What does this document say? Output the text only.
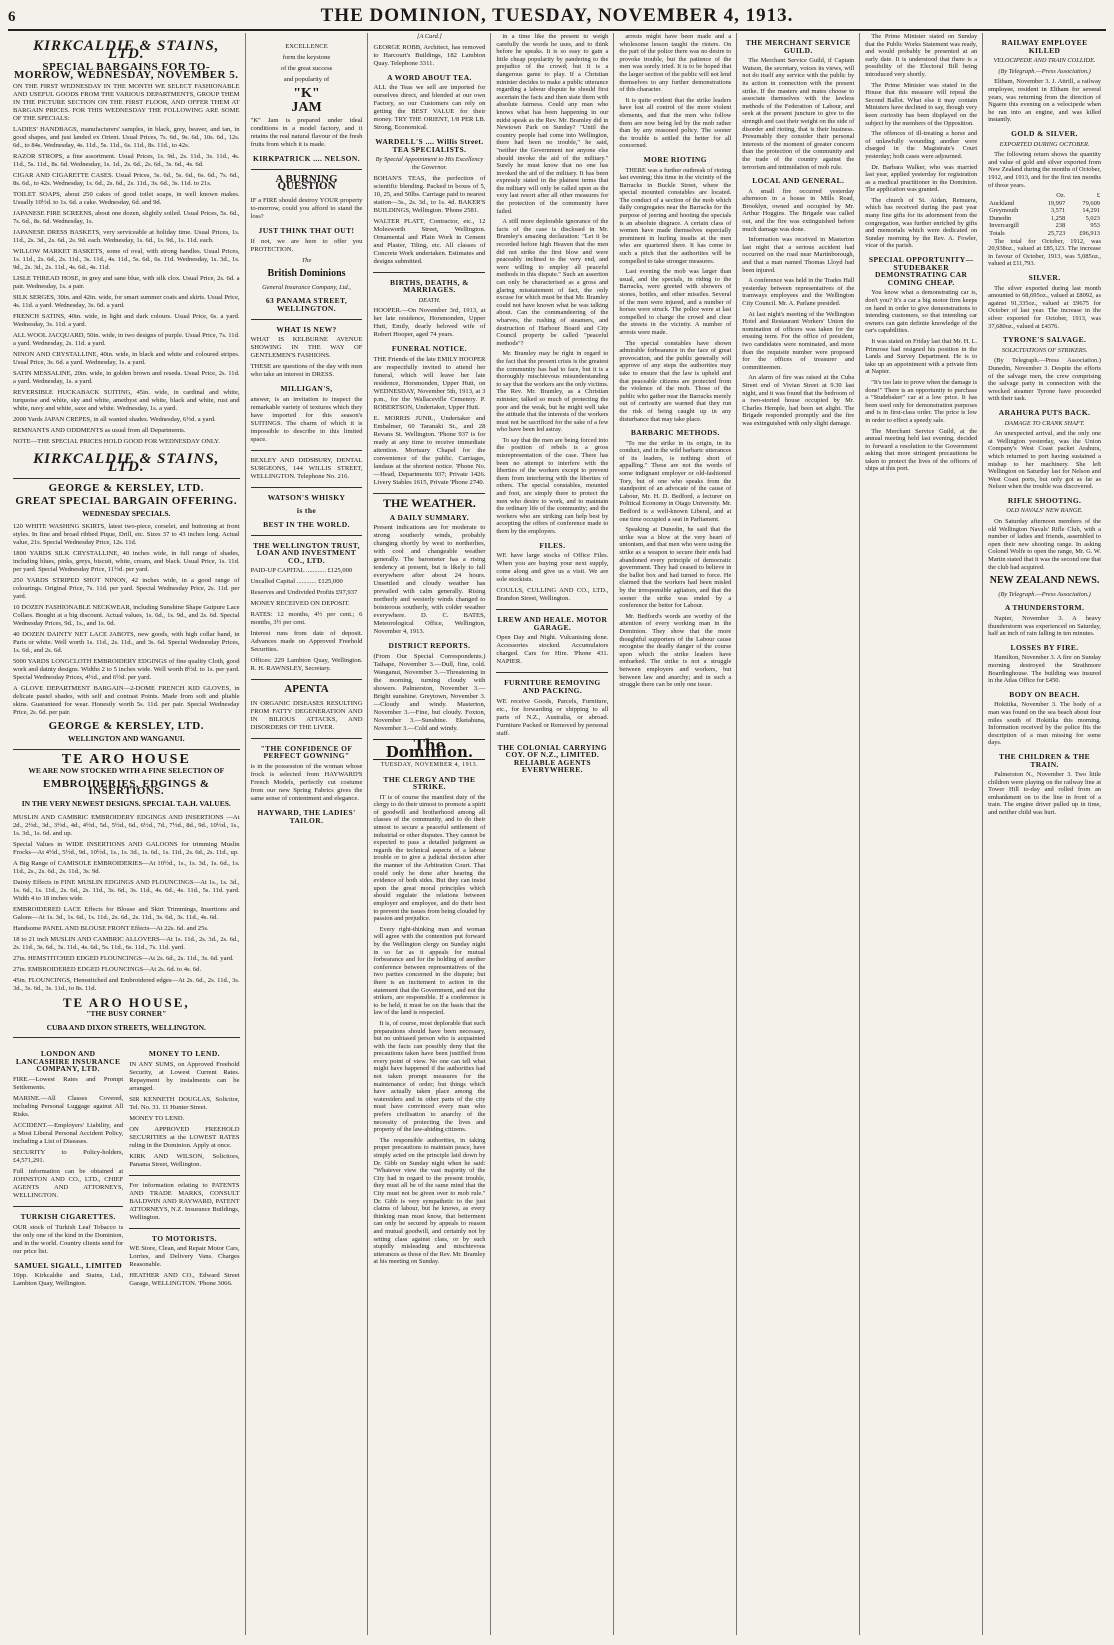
6	THE DOMINION, TUESDAY, NOVEMBER 4, 1913.
KIRKCALDIE & STAINS, LTD.
SPECIAL BARGAINS FOR TO-MORROW, WEDNESDAY, NOVEMBER 5.
ON THE FIRST WEDNESDAY IN THE MONTH WE SELECT FASHIONABLE AND USEFUL GOODS FROM THE VARIOUS DEPARTMENTS, GROUP THEM IN THE PICTURE SECTION ON THE FIRST FLOOR, AND OFFER THEM AT BARGAIN PRICES. FOR THIS WEDNESDAY THE FOLLOWING ARE SOME OF THE SPECIALS:
LADIES' HANDBAGS, manufacturers' samples, in black, grey, beaver, and tan, in good shapes, and just landed ex Orient. Usual Prices, 7s. 6d., 9s. 6d., 10s. 6d., 12s. 6d., to 84s. Wednesday, 4s. 11d., 5s. 11d., 6s. 11d., 8s. 11d., to 42s.
RAZOR STROPS, a fine assortment. Usual Prices, 1s. 9d., 2s. 11d., 3s. 11d., 4s. 11d., 5s. 11d., 8s. 6d. Wednesday, 1s. 1d., 2s. 6d., 2s. 6d., 3s. 6d., 4s. 6d.
CIGAR AND CIGARETTE CASES. Usual Prices, 3s. 6d., 5s. 6d., 6s. 6d., 7s. 6d., 8s. 6d., to 42s. Wednesday, 1s. 6d., 2s. 6d., 2s. 11d., 3s. 6d., 3s. 11d. to 21s.
TOILET SOAPS, about 250 cakes of good toilet soaps, in well known makes. Usually 10½d. to 1s. 6d. a cake. Wednesday, 6d. and 9d.
JAPANESE FIRE SCREENS, about one dozen, slightly soiled. Usual Prices, 5s. 6d., 7s. 6d., 8s. 6d. Wednesday, 1s.
JAPANESE DRESS BASKETS, very serviceable at holiday time. Usual Prices, 1s. 11d., 2s. 3d., 2s. 6d., 2s. 9d. each. Wednesday, 1s. 6d., 1s. 9d., 1s. 11d. each.
WILLOW MARKET BASKETS, some of oval, with strong handles. Usual Prices, 1s. 11d., 2s. 6d., 2s. 11d., 3s. 11d., 4s. 11d., 5s. 6d., 6s. 11d. Wednesday, 1s. 3d., 1s. 9d., 2s. 3d., 2s. 11d., 4s. 6d., 4s. 11d.
LISLE THREAD HOSE, in grey and sane blue, with silk clox. Usual Price, 2s. 6d. a pair. Wednesday, 1s. a pair.
SILK SERGES, 30in. and 42in. wide, for smart summer coats and skirts. Usual Price, 4s. 11d. a yard. Wednesday, 3s. 6d. a yard.
FRENCH SATINS, 40in. wide, in light and dark colours. Usual Price, 6s. a yard. Wednesday, 3s. 11d. a yard.
ALL WOOL JACQUARD, 50in. wide, in two designs of purple. Usual Price, 7s. 11d. a yard. Wednesday, 2s. 11d. a yard.
NINON AND CRYSTALLINE, 40in. wide, in black and white and coloured stripes. Usual Price, 3s. 6d. a yard. Wednesday, 1s. a yard.
SATIN MESSALINE, 20in. wide, in golden brown and reseda. Usual Price, 2s. 11d. a yard. Wednesday, 1s. a yard.
REVERSIBLE HUCKABACK SUITING, 45in. wide, in cardinal and white, turquoise and white, sky and white, amethyst and white, black and white, rust and white, navy and white, saxe and white. Wednesday, 1s. a yard.
2000 Yards JAPAN CREPES, in all wanted shades. Wednesday, 6½d. a yard.
REMNANTS AND ODDMENTS as usual from all Departments.
NOTE—THE SPECIAL PRICES HOLD GOOD FOR WEDNESDAY ONLY.
KIRKCALDIE & STAINS, LTD.
GEORGE & KERSLEY, LTD.
GREAT SPECIAL BARGAIN OFFERING.
WEDNESDAY SPECIALS.
120 WHITE WASHING SKIRTS, latest two-piece, corselet, and buttoning at front styles. In fine and broad ribbed Pique, Drill, etc. Sizes 37 to 43 inches long. Actual value, 21s. Special Wednesday Price, 12s. 11d.
1800 YARDS SILK CRYSTALLINE, 40 inches wide, in full range of shades, including blues, pinks, greys, biscuit, white, cream, and black. Usual Price, 1s. 11d. per yard. Special Wednesday Price, 11½d. per yard.
250 YARDS STRIPED SHOT NINON, 42 inches wide, in a good range of colourings. Original Price, 7s. 11d. per yard. Special Wednesday Price, 2s. 11d. per yard.
10 DOZEN FASHIONABLE NECKWEAR, including Sunshine Shape Guipure Lace Collars. Bought at a big discount. Actual values, 1s. 6d., 1s. 9d., and 2s. 6d. Special Wednesday Prices, 9d., 1s., and 1s. 6d.
40 DOZEN DAINTY NET LACE JABOTS, new goods, with high collar band, in Paris or white. Well worth 1s. 11d., 2s. 11d., and 3s. 6d. Special Wednesday Prices, 1s. 6d., and 2s. 6d.
5000 YARDS LONGCLOTH EMBROIDERY EDGINGS of fine quality Cloth, good work and dainty designs. Widths 2 to 5 inches wide. Well worth 8½d. to 1s. per yard. Special Wednesday Prices, 4½d., and 6½d. per yard.
A GLOVE DEPARTMENT BARGAIN—2-DOME FRENCH KID GLOVES, in delicate pastel shades, with self and contrast Points. Made from soft and pliable skins. Guaranteed for wear. Honestly worth 5s. 11d. per pair. Special Wednesday Price, 2s. 6d. per pair.
GEORGE & KERSLEY, LTD.
WELLINGTON AND WANGANUI.
TE ARO HOUSE
WE ARE NOW STOCKED WITH A FINE SELECTION OF
EMBROIDERIES, EDGINGS & INSERTIONS.
IN THE VERY NEWEST DESIGNS. SPECIAL T.A.H. VALUES.
MUSLIN AND CAMBRIC EMBROIDERY EDGINGS AND INSERTIONS —At 2d., 2½d., 3d., 3½d., 4d., 4½d., 5d., 5½d., 6d., 6½d., 7d., 7½d., 8d., 9d., 10½d., 1s., 1s. 3d., 1s. 6d. and up.
Special Values in WIDE INSERTIONS AND GALOONS for trimming Muslin Frocks—At 4½d., 5½d., 9d., 10½d., 1s., 1s. 3d., 1s. 6d., 1s. 11d., 2s. 6d., 2s. 11d., up.
A Big Range of CAMISOLE EMBROIDERIES—At 10½d., 1s., 1s. 3d., 1s. 6d., 1s. 11d., 2s., 2s. 6d., 2s. 11d., 3s. 9d.
Dainty Effects in FINE MUSLIN EDGINGS AND FLOUNCINGS—At 1s., 1s. 3d., 1s. 6d., 1s. 11d., 2s. 6d., 2s. 11d., 3s. 6d., 3s. 11d., 4s. 6d., 4s. 11d., 5s. 11d. yard. Width 4 to 18 inches wide.
EMBROIDERED LACE Effects for Blouse and Skirt Trimmings, Insertions and Galons—At 1s. 3d., 1s. 6d., 1s. 11d., 2s. 6d., 2s. 11d., 3s. 6d., 3s. 11d., 4s. 6d.
Handsome PANEL AND BLOUSE FRONT Effects—At 22s. 6d. and 25s.
18 to 21 inch MUSLIN AND CAMBRIC ALLOVERS—At 1s. 11d., 2s. 3d., 2s. 6d., 2s. 11d., 3s. 6d., 3s. 11d., 4s. 6d., 5s. 11d., 6s. 11d., 7s. 11d. yard.
27in. HEMSTITCHED EDGED FLOUNCINGS—At 2s. 6d., 2s. 11d., 3s. 6d. yard.
27in. EMBROIDERED EDGED FLOUNCINGS—At 2s. 6d. to 4s. 6d.
45in. FLOUNCINGS, Hemstitched and Embroidered edges—At 2s. 6d., 2s. 11d., 3s. 3d., 3s. 6d., 3s. 11d., to 8s. 11d.
TE ARO HOUSE,
"THE BUSY CORNER"
CUBA AND DIXON STREETS, WELLINGTON.
LONDON AND LANCASHIRE INSURANCE COMPANY, LTD.
FIRE.—Lowest Rates and Prompt Settlements.
MARINE.—All Classes Covered, including Personal Luggage against All Risks.
ACCIDENT.—Employers' Liability, and a Most Liberal Personal Accident Policy, including a List of Diseases.
SECURITY to Policy-holders, £4,571,291.
Full information can be obtained at JOHNSTON AND CO., LTD., CHIEF AGENTS AND ATTORNEYS, WELLINGTON.
TURKISH CIGARETTES.
OUR stock of Turkish Leaf Tobacco is the only one of the kind in the Dominion, and in the world. Country clients send for our price list.
SAMUEL SIGALL, LIMITED
10pp. Kirkcaldie and Stains, Ltd., Lambton Quay, Wellington.
MONEY TO LEND.
IN ANY SUMS, on Approved Freehold Security, at Lowest Current Rates. Repayment by instalments can be arranged.
SIR KENNETH DOUGLAS, Solicitor, Tel. No. 31. 11 Hunter Street.
MONEY TO LEND.
ON APPROVED FREEHOLD SECURITIES at the LOWEST RATES ruling in the Dominion. Apply at once.
KIRK AND WILSON, Solicitors, Panama Street, Wellington.
For information relating to PATENTS AND TRADE MARKS, CONSULT BALDWIN AND RAYWARD, PATENT ATTORNEYS, N.Z. Insurance Buildings, Wellington.
TO MOTORISTS.
WE Store, Clean, and Repair Motor Cars, Lorries, and Delivery Vans. Charges Reasonable.
HEATHER AND CO., Edward Street Garage, WELLINGTON. 'Phone 3066.
EXCELLENCE
form the keystone
of the great success
and popularity of
"K"
JAM
"K" Jam is prepared under ideal conditions in a model factory, and it retains the real natural flavour of the fresh fruits from which it is made.
KIRKPATRICK .... NELSON.
A BURNING QUESTION
IF a FIRE should destroy YOUR property to-morrow, could you afford to stand the loss?
JUST THINK THAT OUT!
If not, we are here to offer you PROTECTION.
The
British Dominions
General Insurance Company, Ltd.,
63 PANAMA STREET, WELLINGTON.
WHAT IS NEW?
WHAT IS KELBURNE AVENUE SHOWING IN THE WAY OF GENTLEMEN'S FASHIONS.
THESE are questions of the day with men who take an interest in DRESS.
MILLIGAN'S,
answer, is an invitation to inspect the remarkable variety of textures which they have imported for this season's SUITINGS. The charm of which it is impossible to describe in this limited space.
BEXLEY AND DIDSBURY, DENTAL SURGEONS, 144 WILLIS STREET, WELLINGTON. Telephone No. 216.
WATSON'S WHISKY
is the
BEST IN THE WORLD.
THE WELLINGTON TRUST, LOAN AND INVESTMENT CO., LTD.
PAID-UP CAPITAL ............ £125,000
Uncalled Capital ............ £125,000
Reserves and Undivided Profits £97,937
MONEY RECEIVED ON DEPOSIT.
RATES: 12 months, 4½ per cent.; 6 months, 3½ per cent.
Interest runs from date of deposit. Advances made on Approved Freehold Securities.
Offices: 229 Lambton Quay, Wellington. R. H. RAWNSLEY, Secretary.
APENTA
IN ORGANIC DISEASES RESULTING FROM FATTY DEGENERATION AND IN BILIOUS ATTACKS, AND DISORDERS OF THE LIVER.
"THE CONFIDENCE OF PERFECT GOWNING"
is in the possession of the woman whose frock is selected from HAYWARD'S French Models, perfectly cut costume from our new Spring Fabrics gives the same sense of contentment and elegance.
HAYWARD, THE LADIES' TAILOR.
[A Card.]
GEORGE ROBB, Architect, has removed to Harcourt's Buildings, 182 Lambton Quay. Telephone 3311.
A WORD ABOUT TEA.
ALL the Teas we sell are imported for ourselves direct, and blended at our own Factory, so our Customers can rely on getting the BEST VALUE for their money. TRY THE ORIENT, 1/8 PER LB. Strong, Economical.
WARDELL'S .... Willis Street. TEA SPECIALISTS.
By Special Appointment to His Excellency the Governor.
BOHAN'S TEAS, the perfection of scientific blending. Packed in boxes of 5, 10, 25, and 50lbs. Carriage paid to nearest station—3s., 2s. 3d., to 1s. 4d. BAKER'S BUILDINGS, Wellington. 'Phone 2581.
WALTER PLATT, Contractor, etc., 12 Molesworth Street, Wellington. Ornamental and Plain Work in Cement and Plaster, Tiling, etc. All classes of Concrete Work undertaken. Estimates and designs submitted.
BIRTHS, DEATHS, & MARRIAGES.
DEATH.
HOOPER.—On November 3rd, 1913, at her late residence, Horsmonden, Upper Hutt, Emily, dearly beloved wife of Robert Hooper, aged 74 years.
FUNERAL NOTICE.
THE Friends of the late EMILY HOOPER are respectfully invited to attend her funeral, which will leave her late residence, Horsmonden, Upper Hutt, on WEDNESDAY, November 5th, 1913, at 3 p.m., for the Wallaceville Cemetery. P. ROBERTSON, Undertaker, Upper Hutt.
E. MORRIS JUNR., Undertaker and Embalmer, 60 Taranaki St., and 28 Revans St. Wellington. 'Phone 937 is for ready at any time to receive immediate attention. Mortuary Chapel for the convenience of the public. Carriages, landaus at the shortest notice. 'Phone No.—Head, Departments 937; Private 1426. Livery Stables 1615, Private 'Phone 2740.
THE WEATHER.
A DAILY SUMMARY.
Present indications are for moderate to strong southerly winds, probably changing shortly by west to northerlies, with cool and changeable weather generally. The barometer has a rising tendency at present, but is likely to fall everywhere after about 24 hours. Unsettled and cloudy weather has prevailed with calm generally. Rising northerly and westerly winds changed to boisterous southerly, with colder weather everywhere. D. C. BATES, Meteorological Office, Wellington, November 4, 1913.
DISTRICT REPORTS.
(From Our Special Correspondents.) Taihape, November 3.—Dull, fine, cold. Wanganui, November 3.—Threatening in the morning, turning cloudy with showers. Palmerston, November 3.—Bright sunshine. Greytown, November 3.—Cloudy and windy. Masterton, November 3.—Fine, but cloudy. Foxton, November 3.—Sunshine. Eketahuna, November 3.—Cold and windy.
The Dominion.
TUESDAY, NOVEMBER 4, 1913.
THE CLERGY AND THE STRIKE.

IT is of course the manifest duty of the clergy to do their utmost to promote a spirit of goodwill and brotherhood among all classes of the community, and to do their utmost to secure a peaceful settlement of industrial or other disputes. They cannot be expected to pass a detailed judgment as regards the technical aspects of a labour trouble or to give a judicial decision after the manner of the Arbitration Court. That could only be done after hearing the evidence of both sides. But they can insist upon the great moral principles which should regulate the relations between employer and employee, and do their best to prevent the issues from being clouded by passion and prejudice.

Every right-thinking man and woman will agree with the contention put forward by the Wellington clergy on Sunday night in so far as it appeals for mutual forbearance and for the holding of another conference between representatives of the two parties concerned in the dispute; but there is an incitement to action in the statement that the Government, and not the strikers, are responsible. If a conference is to be held, it must be on the basis that the law of the land is respected.

It is, of course, most deplorable that such preparations should have been necessary, but no unbiased person who is acquainted with the facts can possibly deny that the precautions taken have been justified from every point of view. No one can tell what might have happened if the authorities had not taken prompt measures for the maintenance of order; but things which have actually taken place among the watersiders and in other parts of the city must have convinced every man who prefers civilisation to anarchy of the necessity of protecting the lives and property of the law-abiding citizens.

The responsible authorities, in taking proper precautions to maintain peace, have simply acted on the principle laid down by Dr. Gibb on Sunday night when he said: "Whatever view the vast majority of the City had in regard to the present trouble, they must all be of the same mind that the City must not be given over to mob rule." Dr. Gibb is very sympathetic to the just claims of labour, but he knows, as every thinking man must know, that betterment can only be secured by appeals to reason and mutual goodwill, and certainly not by setting class against class, or by such stupidly misleading and mischievous utterances as those of the Rev. Mr. Bramley at his meeting on Sunday.

in a time like the present to weigh carefully the words he uses, and to think before he speaks. It is so easy to gain a little cheap popularity by pandering to the prejudice of the crowd; but it is a dangerous game to play. If a Christian minister decides to make a public utterance regarding a labour dispute he should first ascertain the facts and then state them with absolute fairness. Could any man who knows what has been happening in our midst speak as the Rev. Mr. Bramley did in Newtown Park on Sunday? "Until the country people had come into Wellington, there had been no trouble," he said, "neither the Government nor anyone else should invoke the aid of the military." Surely he must know that no one has invoked the aid of the military. It has been expressly stated in the plainest terms that the military will only be called upon as the very last resort after all other measures for the protection of the community have failed.

A still more deplorable ignorance of the facts of the case is disclosed in Mr. Bramley's amazing declaration: "Let it be recorded before high Heaven that the men did not strike the first blow and were peaceably inclined to the very end, and were willing to employ all peaceful methods in this dispute." Such an assertion can only be characterised as a gross and glaring misstatement of fact, the only excuse for which must be that Mr. Bramley could not have known what he was talking about. Can the commandeering of the wharves, the rushing of steamers, and destruction of Harbour Board and City Council property be called "peaceful methods"?

Mr. Bramley may be right in regard to the fact that the present crisis is the greatest the community has had to face, but it is a thoroughly mischievous misunderstanding to say that the workers are the only victims. The Rev. Mr. Bramley, as a Christian minister, talked so much of protecting the poor and the weak, but he might well take the attitude that the interests of the workers must not be sacrificed for the sake of a few who have been led astray.

To say that the men are being forced into the position of rebels is a gross misrepresentation of the case. There has been no attempt to interfere with the liberties of the workers except to prevent them from interfering with the liberties of others. The special constables, mounted and foot, are simply there to protect the men who desire to work, and to maintain the ordinary life of the community; and the workers who are striking can help best by accepting the offers of conference made to them by the employers.

FILES.
WE have large stocks of Office Files. When you are buying your next supply, come along and give us a visit. We are sole stockists.
COULLS, CULLING AND CO., LTD., Brandon Street, Wellington.
LREW AND HEALE. MOTOR GARAGE.
Open Day and Night. Vulcanising done. Accessories stocked. Accumulators charged. Cars for Hire. 'Phone 431. NAPIER.
FURNITURE REMOVING AND PACKING.
WE receive Goods, Parcels, Furniture, etc., for forwarding or shipping to all parts of N.Z., Australia, or abroad. Furniture Packed or Removed by personal staff.
THE COLONIAL CARRYING COY. OF N.Z., LIMITED. RELIABLE AGENTS EVERYWHERE.

arrests might have been made and a wholesome lesson taught the rioters. On the part of the police there was no desire to provoke trouble, but the patience of the men was sorely tried. It is to be hoped that the larger section of the public will not lend themselves to any further demonstrations of this character.

It is quite evident that the strike leaders have lost all control of the more violent elements, and that the men who follow them are now being led by the mob rather than by any reasoned policy. The sooner the trouble is settled the better for all concerned.

MORE RIOTING

THERE was a further outbreak of rioting last evening; this time in the vicinity of the Barracks in Buckle Street, where the special mounted constables are located. The conduct of a section of the mob which daily congregates near the Barracks for the purpose of jeering and hooting the specials is an absolute disgrace. A certain class of women have made themselves especially prominent in hurling insults at the men who are quartered there. It has come to such a pitch that the authorities will be compelled to take stronger measures.

Last evening the mob was larger than usual, and the specials, in riding to the Barracks, were greeted with showers of stones, bottles, and other missiles. Several of the men were injured, and a number of horses were struck. The police were at last compelled to charge the crowd and clear the streets in the vicinity. A number of arrests were made.

The special constables have shown admirable forbearance in the face of great provocation, and the public generally will approve of any steps the authorities may take to ensure that the law is upheld and that peaceable citizens are protected from the violence of the mob. Those of the public who gather near the Barracks merely out of curiosity are warned that they run the risk of being caught up in any disturbance that may take place.

BARBARIC METHODS.

"To me the strike in its origin, in its conduct, and in the wild barbaric utterances of its leaders, is nothing short of appalling." These are not the words of some indignant employer or old-fashioned Tory, but of one who speaks from the standpoint of an advocate of the cause of Labour, Mr. H. D. Bedford, a lecturer on Political Economy in Otago University. Mr. Bedford is a well-known Liberal, and at one time occupied a seat in Parliament.

Speaking at Dunedin, he said that the strike was a blow at the very heart of unionism, and that men who were using the strike as a weapon to secure their ends had abandoned every principle of democratic government. They had ceased to believe in the ballot box and had turned to force. He claimed that the workers had been misled by the irresponsible agitators, and that the sooner the strike was ended by a conference the better for Labour.

Mr. Bedford's words are worthy of the attention of every working man in the Dominion. They show that the more thoughtful supporters of the Labour cause recognise the deadly danger of the course upon which the strike leaders have embarked. The strike is not a struggle between employers and workers, but between law and anarchy; and in such a struggle there can be only one issue.

THE MERCHANT SERVICE GUILD.

The Merchant Service Guild, if Captain Watson, the secretary, voices its views, will not do itself any service with the public by its action in connection with the present strike. If the masters and mates choose to associate themselves with the lawless methods of the Federation of Labour, and seek at the present juncture to give to the strength and cast their weight on the side of disorder and rioting, that is their business. Presumably they consider their personal interests of the moment of greater concern than the protection of the community and the trade of the country against the terrorism and intimidation of mob rule.

LOCAL AND GENERAL.

A small fire occurred yesterday afternoon in a house in Mills Road, Brooklyn, owned and occupied by Mr. Arthur Hoggins. The Brigade was called out, and the fire was extinguished before much damage was done.

Information was received in Masterton last night that a serious accident had occurred on the road near Martinborough, and that a man named Thomas Lloyd had been injured.

A conference was held in the Trades Hall yesterday between representatives of the tramways employees and the Wellington City Council. Mr. A. Parlane presided.

At last night's meeting of the Wellington Hotel and Restaurant Workers' Union the nomination of officers was taken for the ensuing term. For the office of president, two candidates were nominated, and more than the requisite number were proposed for the offices of treasurer and committeemen.

An alarm of fire was raised at the Cuba Street end of Vivian Street at 9.30 last night, and it was found that the bedroom of a two-storied house occupied by Mr. Charles Hemple, had been set alight. The Brigade responded promptly and the fire was extinguished with only slight damage.

The Prime Minister stated on Sunday that the Public Works Statement was ready, and would probably be presented at an early date. It is understood that there is a possibility of the Electoral Bill being introduced very shortly.

The Prime Minister was stated in the House that this measure will repeal the Second Ballot. What else it may contain Ministers have declined to say, though very keen curiosity has been displayed on the subject by the members of the Opposition.

The offences of ill-treating a horse and of unlawfully wounding another were charged in the Magistrate's Court yesterday; both cases were adjourned.

Dr. Barbara Walker, who was married last year, applied yesterday for registration as a medical practitioner in the Dominion. The application was granted.

The church of St. Aidan, Remuera, which has received during the past year many fine gifts for its adornment from the congregation, was further enriched by gifts and memorials which were dedicated on Sunday morning by the Rev. A. Fowler, vicar of the parish.

SPECIAL OPPORTUNITY—STUDEBAKER DEMONSTRATING CAR COMING CHEAP.

You know what a demonstrating car is, don't you? It's a car a big motor firm keeps on hand in order to give demonstrations to intending customers, so that intending car owners can gain definite knowledge of the car's capabilities.

It was stated on Friday last that Mr. H. L. Primrose had resigned his position in the Lands and Survey Department. He is to take up an appointment with a private firm at Napier.

"It's too late to prove when the damage is done!" There is an opportunity to purchase a "Studebaker" car at a low price. It has been used only for demonstration purposes and is in first-class order. The price is low in order to effect a speedy sale.

The Merchant Service Guild, at the annual meeting held last evening, decided to forward a resolution to the Government asking that more stringent precautions be taken to protect the lives of the officers of ships at this port.

RAILWAY EMPLOYEE KILLED
VELOCIPEDE AND TRAIN COLLIDE.
(By Telegraph.—Press Association.)

Eltham, November 3. J. Attrill, a railway employee, resident in Eltham for several years, was returning from the direction of Ngaere this evening on a velocipede when he ran into an engine, and was killed instantly.

GOLD & SILVER.
EXPORTED DURING OCTOBER.

The following return shows the quantity and value of gold and silver exported from New Zealand during the months of October, 1912, and 1913, and for the first ten months of those years.

	Oz.	£
Auckland	19,997	79,609
Greymouth	3,571	14,291
Dunedin	1,258	5,023
Invercargill	238	953
Totals	25,723	£96,913

The total for October, 1912, was 20,938oz., valued at £85,123. The increase in favour of October, 1913, was 5,085oz., valued at £11,793.

SILVER.

The silver exported during last month amounted to 68,695oz., valued at £8092, as against 91,335oz., valued at £9675 for October of last year. The increase in the silver exported for October, 1913, was 37,680oz., valued at £4376.

TYRONE'S SALVAGE.
SOLICITATIONS OF STRIKERS.

(By Telegraph.—Press Association.) Dunedin, November 3. Despite the efforts of the salvage men, the crew comprising the salvage party in connection with the wrecked steamer Tyrone have proceeded with their task.

ARAHURA PUTS BACK.
DAMAGE TO CRANK SHAFT.

An unexpected arrival, and the only one at Wellington yesterday, was the Union Company's West Coast packet Arahura, which returned to port having sustained a mishap to her machinery. She left Wellington on Saturday last for Nelson and West Coast ports, but only got as far as Nelson when the trouble was discovered.

RIFLE SHOOTING.
OLD NAVALS' NEW RANGE.

On Saturday afternoon members of the old Wellington Navals' Rifle Club, with a number of ladies and friends, assembled to open their new shooting range. In asking Colonel Wolfe to open the range, Mr. G. W. Martin stated that it was the second one that the club had acquired.

NEW ZEALAND NEWS.
(By Telegraph.—Press Association.)
A THUNDERSTORM.

Napier, November 3. A heavy thunderstorm was experienced on Saturday, half an inch of rain falling in ten minutes.

LOSSES BY FIRE.

Hamilton, November 3. A fire on Sunday morning destroyed the Strathmore Boardinghouse. The building was insured in the Atlas Office for £450.

BODY ON BEACH.

Hokitika, November 3. The body of a man was found on the sea beach about four miles south of Hokitika this morning. Information received by the police fits the description of a man missing for some days.

THE CHILDREN & THE TRAIN.

Palmerston N., November 3. Two little children were playing on the railway line at Tower Hill to-day and rolled from an embankment on to the line in front of a train. The engine driver pulled up in time, and neither child was hurt.
